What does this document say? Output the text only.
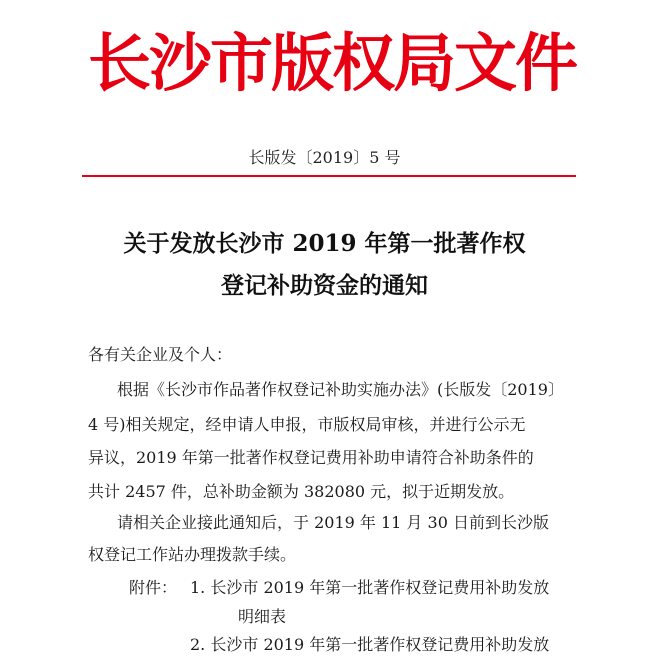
长沙市版权局文件
长版发〔2019〕5 号
关于发放长沙市 2019 年第一批著作权
登记补助资金的通知
各有关企业及个人：
根据《长沙市作品著作权登记补助实施办法》(长版发〔2019〕
4 号)相关规定，经申请人申报，市版权局审核，并进行公示无
异议，2019 年第一批著作权登记费用补助申请符合补助条件的
共计 2457 件，总补助金额为 382080 元，拟于近期发放。
请相关企业接此通知后，于 2019 年 11 月 30 日前到长沙版
权登记工作站办理拨款手续。
附件： 1. 长沙市 2019 年第一批著作权登记费用补助发放
明细表
2. 长沙市 2019 年第一批著作权登记费用补助发放
